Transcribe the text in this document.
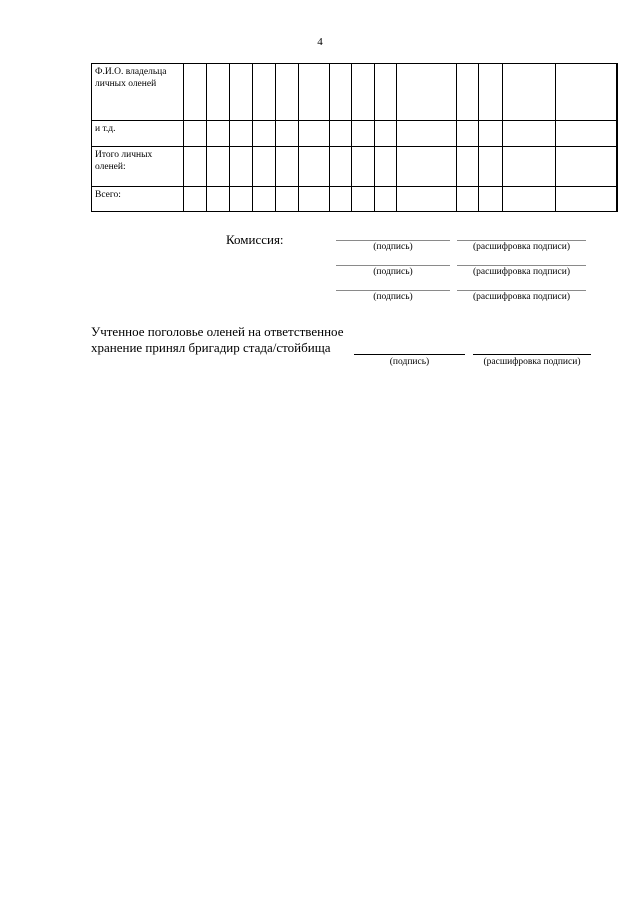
4
Ф.И.О. владельца личных оленей															
и т.д.															
Итого личных оленей:															
Всего:															
Комиссия:	(подпись)	(расшифровка подписи)
(подпись)	(расшифровка подписи)
(подпись)	(расшифровка подписи)
Учтенное поголовье оленей на ответственное
хранение принял бригадир стада/стойбища
(подпись)	(расшифровка подписи)
